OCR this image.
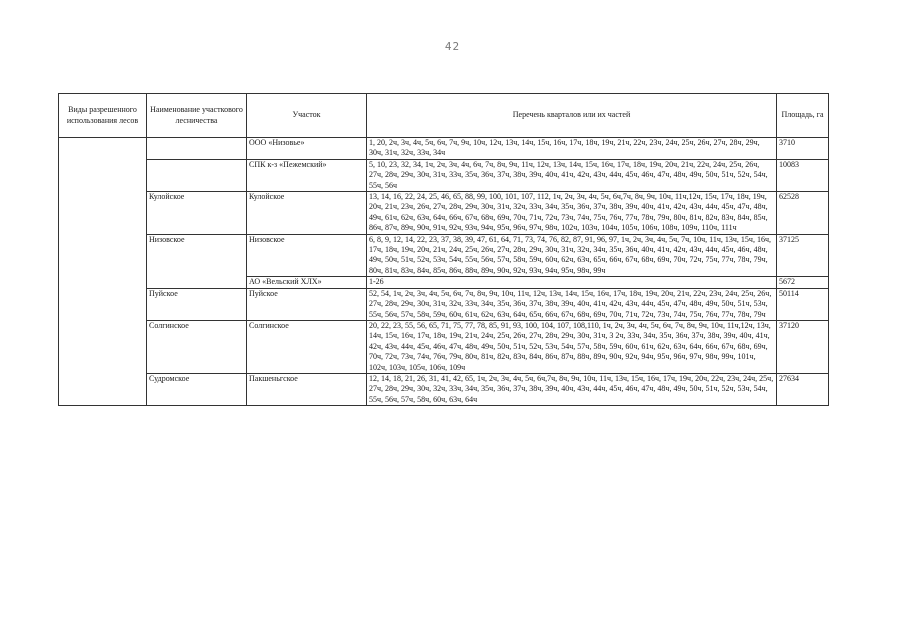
42
Виды разрешенного использования лесов	Наименование участкового лесничества	Участок	Перечень кварталов или их частей	Площадь, га
		ООО «Низовье»	1, 20, 2ч, 3ч, 4ч, 5ч, 6ч, 7ч, 9ч, 10ч, 12ч, 13ч, 14ч, 15ч, 16ч, 17ч, 18ч, 19ч, 21ч, 22ч, 23ч, 24ч, 25ч, 26ч, 27ч, 28ч, 29ч, 30ч, 31ч, 32ч, 33ч, 34ч	3710
		СПК к-з «Пежемский»	5, 10, 23, 32, 34, 1ч, 2ч, 3ч, 4ч, 6ч, 7ч, 8ч, 9ч, 11ч, 12ч, 13ч, 14ч, 15ч, 16ч, 17ч, 18ч, 19ч, 20ч, 21ч, 22ч, 24ч, 25ч, 26ч, 27ч, 28ч, 29ч, 30ч, 31ч, 33ч, 35ч, 36ч, 37ч, 38ч, 39ч, 40ч, 41ч, 42ч, 43ч, 44ч, 45ч, 46ч, 47ч, 48ч, 49ч, 50ч, 51ч, 52ч, 54ч, 55ч, 56ч	10083
	Кулойское	Кулойское	13, 14, 16, 22, 24, 25, 46, 65, 88, 99, 100, 101, 107, 112, 1ч, 2ч, 3ч, 4ч, 5ч, 6ч,7ч, 8ч, 9ч, 10ч, 11ч,12ч, 15ч, 17ч, 18ч, 19ч, 20ч, 21ч, 23ч, 26ч, 27ч, 28ч, 29ч, 30ч, 31ч, 32ч, 33ч, 34ч, 35ч, 36ч, 37ч, 38ч, 39ч, 40ч, 41ч, 42ч, 43ч, 44ч, 45ч, 47ч, 48ч, 49ч, 61ч, 62ч, 63ч, 64ч, 66ч, 67ч, 68ч, 69ч, 70ч, 71ч, 72ч, 73ч, 74ч, 75ч, 76ч, 77ч, 78ч, 79ч, 80ч, 81ч, 82ч, 83ч, 84ч, 85ч, 86ч, 87ч, 89ч, 90ч, 91ч, 92ч, 93ч, 94ч, 95ч, 96ч, 97ч, 98ч, 102ч, 103ч, 104ч, 105ч, 106ч, 108ч, 109ч, 110ч, 111ч	62528
	Низовское	Низовское	6, 8, 9, 12, 14, 22, 23, 37, 38, 39, 47, 61, 64, 71, 73, 74, 76, 82, 87, 91, 96, 97, 1ч, 2ч, 3ч, 4ч, 5ч, 7ч, 10ч, 11ч, 13ч, 15ч, 16ч, 17ч, 18ч, 19ч, 20ч, 21ч, 24ч, 25ч, 26ч, 27ч, 28ч, 29ч, 30ч, 31ч, 32ч, 34ч, 35ч, 36ч, 40ч, 41ч, 42ч, 43ч, 44ч, 45ч, 46ч, 48ч, 49ч, 50ч, 51ч, 52ч, 53ч, 54ч, 55ч, 56ч, 57ч, 58ч, 59ч, 60ч, 62ч, 63ч, 65ч, 66ч, 67ч, 68ч, 69ч, 70ч, 72ч, 75ч, 77ч, 78ч, 79ч, 80ч, 81ч, 83ч, 84ч, 85ч, 86ч, 88ч, 89ч, 90ч, 92ч, 93ч, 94ч, 95ч, 98ч, 99ч	37125
		АО «Вельский ХЛХ»	1-26	5672
	Пуйское	Пуйское	52, 54, 1ч, 2ч, 3ч, 4ч, 5ч, 6ч, 7ч, 8ч, 9ч, 10ч, 11ч, 12ч, 13ч, 14ч, 15ч, 16ч, 17ч, 18ч, 19ч, 20ч, 21ч, 22ч, 23ч, 24ч, 25ч, 26ч, 27ч, 28ч, 29ч, 30ч, 31ч, 32ч, 33ч, 34ч, 35ч, 36ч, 37ч, 38ч, 39ч, 40ч, 41ч, 42ч, 43ч, 44ч, 45ч, 47ч, 48ч, 49ч, 50ч, 51ч, 53ч, 55ч, 56ч, 57ч, 58ч, 59ч, 60ч, 61ч, 62ч, 63ч, 64ч, 65ч, 66ч, 67ч, 68ч, 69ч, 70ч, 71ч, 72ч, 73ч, 74ч, 75ч, 76ч, 77ч, 78ч, 79ч	50114
	Солгинское	Солгинское	20, 22, 23, 55, 56, 65, 71, 75, 77, 78, 85, 91, 93, 100, 104, 107, 108,110, 1ч, 2ч, 3ч, 4ч, 5ч, 6ч, 7ч, 8ч, 9ч, 10ч, 11ч,12ч, 13ч, 14ч, 15ч, 16ч, 17ч, 18ч, 19ч, 21ч, 24ч, 25ч, 26ч, 27ч, 28ч, 29ч, 30ч, 31ч, 3 2ч, 33ч, 34ч, 35ч, 36ч, 37ч, 38ч, 39ч, 40ч, 41ч, 42ч, 43ч, 44ч, 45ч, 46ч, 47ч, 48ч, 49ч, 50ч, 51ч, 52ч, 53ч, 54ч, 57ч, 58ч, 59ч, 60ч, 61ч, 62ч, 63ч, 64ч, 66ч, 67ч, 68ч, 69ч, 70ч, 72ч, 73ч, 74ч, 76ч, 79ч, 80ч, 81ч, 82ч, 83ч, 84ч, 86ч, 87ч, 88ч, 89ч, 90ч, 92ч, 94ч, 95ч, 96ч, 97ч, 98ч, 99ч, 101ч, 102ч, 103ч, 105ч, 106ч, 109ч	37120
	Судромское	Пакшеньгское	12, 14, 18, 21, 26, 31, 41, 42, 65, 1ч, 2ч, 3ч, 4ч, 5ч, 6ч,7ч, 8ч, 9ч, 10ч, 11ч, 13ч, 15ч, 16ч, 17ч, 19ч, 20ч, 22ч, 23ч, 24ч, 25ч, 27ч, 28ч, 29ч, 30ч, 32ч, 33ч, 34ч, 35ч, 36ч, 37ч, 38ч, 39ч, 40ч, 43ч, 44ч, 45ч, 46ч, 47ч, 48ч, 49ч, 50ч, 51ч, 52ч, 53ч, 54ч, 55ч, 56ч, 57ч, 58ч, 60ч, 63ч, 64ч	27634
